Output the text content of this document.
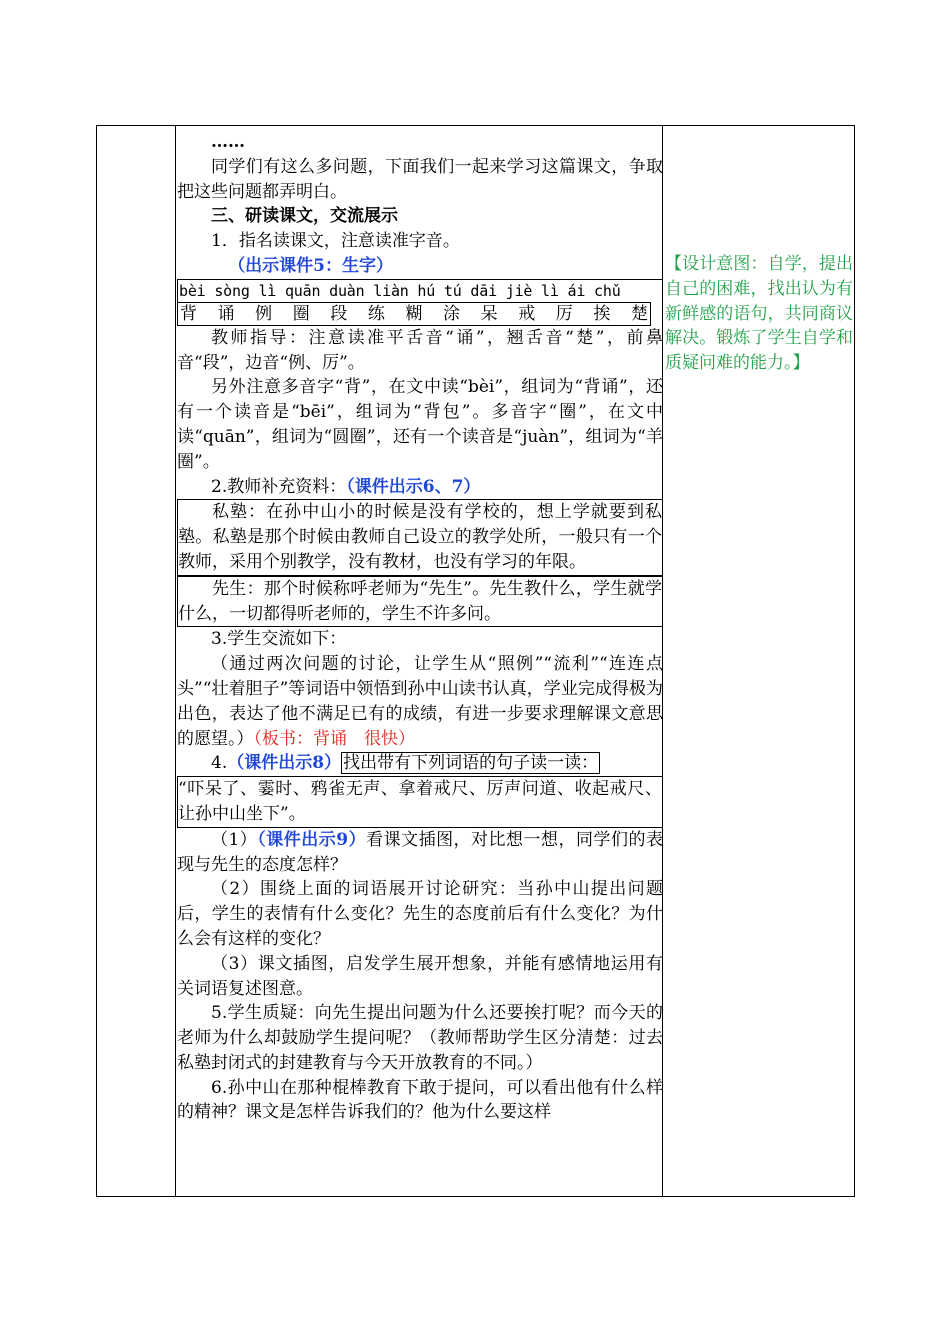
……

同学们有这么多问题，下面我们一起来学习这篇课文，争取把这些问题都弄明白。

三、研读课文，交流展示

1．指名读课文，注意读准字音。

（出示课件5：生字）

bèi sòng lì quān duàn liàn hú tú dāi jiè lì ái chǔ
背 诵 例 圈 段 练 糊 涂 呆 戒 厉 挨 楚

教师指导：注意读准平舌音“诵”，翘舌音“楚”，前鼻音“段”，边音“例、厉”。

另外注意多音字“背”，在文中读“bèi”，组词为“背诵”，还有一个读音是“bēi”，组词为“背包”。多音字“圈”，在文中读“quān”，组词为“圆圈”，还有一个读音是“juàn”，组词为“羊圈”。

2.教师补充资料：（课件出示6、7）

私塾：在孙中山小的时候是没有学校的，想上学就要到私塾。私塾是那个时候由教师自己设立的教学处所，一般只有一个教师，采用个别教学，没有教材，也没有学习的年限。

先生：那个时候称呼老师为“先生”。先生教什么，学生就学什么，一切都得听老师的，学生不许多问。

3.学生交流如下：

（通过两次问题的讨论，让学生从“照例”“流利”“连连点头”“壮着胆子”等词语中领悟到孙中山读书认真，学业完成得极为出色，表达了他不满足已有的成绩，有进一步要求理解课文意思的愿望。）（板书：背诵　很快）

4.（课件出示8） 找出带有下列词语的句子读一读：

“吓呆了、霎时、鸦雀无声、拿着戒尺、厉声问道、收起戒尺、让孙中山坐下”。

（1）（课件出示9）看课文插图，对比想一想，同学们的表现与先生的态度怎样？

（2）围绕上面的词语展开讨论研究：当孙中山提出问题后，学生的表情有什么变化？先生的态度前后有什么变化？为什么会有这样的变化？

（3）课文插图，启发学生展开想象，并能有感情地运用有关词语复述图意。

5.学生质疑：向先生提出问题为什么还要挨打呢？而今天的老师为什么却鼓励学生提问呢？（教师帮助学生区分清楚：过去私塾封闭式的封建教育与今天开放教育的不同。）

6.孙中山在那种棍棒教育下敢于提问，可以看出他有什么样的精神？课文是怎样告诉我们的？他为什么要这样

【设计意图：自学，提出自己的困难，找出认为有新鲜感的语句，共同商议解决。锻炼了学生自学和质疑问难的能力。】
